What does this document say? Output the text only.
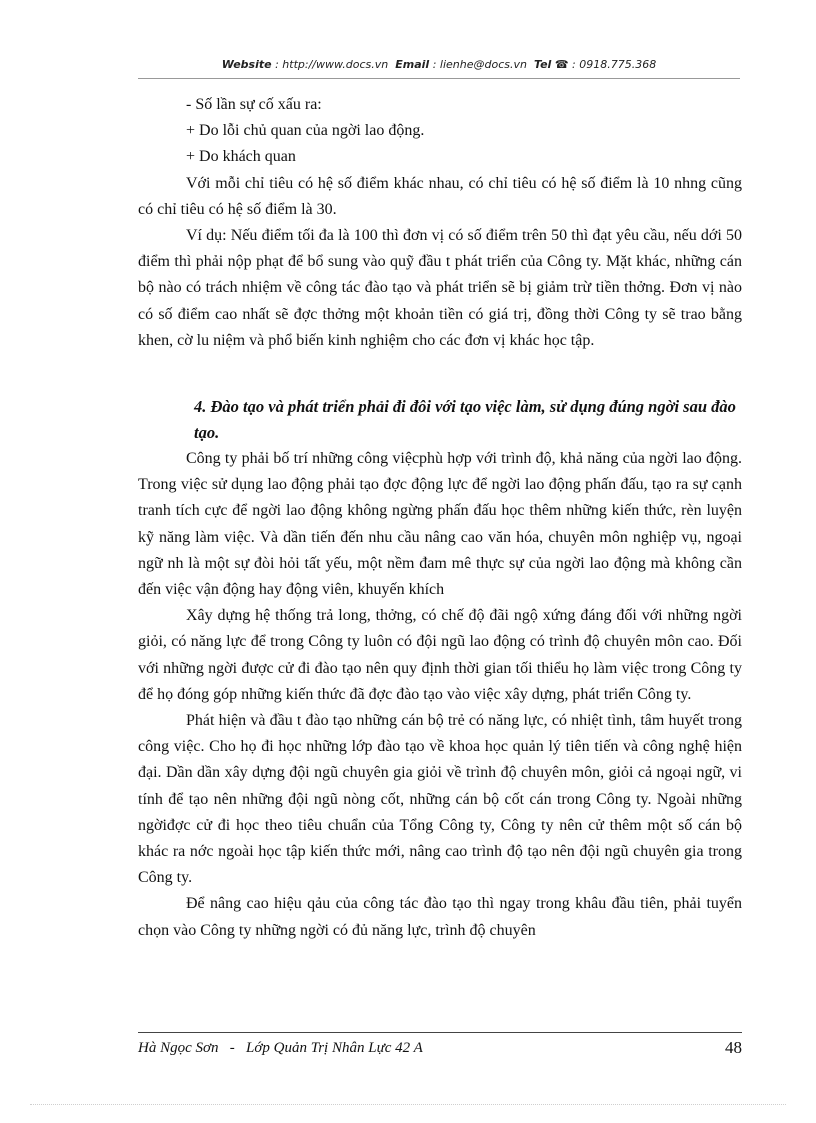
Website : http://www.docs.vn Email : lienhe@docs.vn Tel ☎ : 0918.775.368

- Số lần sự cố xấu ra:

+ Do lỗi chủ quan của ngời lao động.

+ Do khách quan

Với mỗi chỉ tiêu có hệ số điểm khác nhau, có chỉ tiêu có hệ số điểm là 10 nhng cũng có chỉ tiêu có hệ số điểm là 30.

Ví dụ: Nếu điểm tối đa là 100 thì đơn vị có số điểm trên 50 thì đạt yêu cầu, nếu dới 50 điểm thì phải nộp phạt để bổ sung vào quỹ đầu t phát triển của Công ty. Mặt khác, những cán bộ nào có trách nhiệm về công tác đào tạo và phát triển sẽ bị giảm trừ tiền thởng. Đơn vị nào có số điểm cao nhất sẽ đợc thởng một khoản tiền có giá trị, đồng thời Công ty sẽ trao bằng khen, cờ lu niệm và phổ biến kinh nghiệm cho các đơn vị khác học tập.

4. Đào tạo và phát triển phải đi đôi với tạo việc làm, sử dụng đúng ngời sau đào tạo.

Công ty phải bố trí những công việcphù hợp với trình độ, khả năng của ngời lao động. Trong việc sử dụng lao động phải tạo đợc động lực để ngời lao động phấn đấu, tạo ra sự cạnh tranh tích cực để ngời lao động không ngừng phấn đấu học thêm những kiến thức, rèn luyện kỹ năng làm việc. Và dần tiến đến nhu cầu nâng cao văn hóa, chuyên môn nghiệp vụ, ngoại ngữ nh là một sự đòi hỏi tất yếu, một nềm đam mê thực sự của ngời lao động mà không cần đến việc vận động hay động viên, khuyến khích

Xây dựng hệ thống trả long, thởng, có chế độ đãi ngộ xứng đáng đối với những ngời giỏi, có năng lực để trong Công ty luôn có đội ngũ lao động có trình độ chuyên môn cao. Đối với những ngời được cử đi đào tạo nên quy định thời gian tối thiểu họ làm việc trong Công ty để họ đóng góp những kiến thức đã đợc đào tạo vào việc xây dựng, phát triển Công ty.

Phát hiện và đầu t đào tạo những cán bộ trẻ có năng lực, có nhiệt tình, tâm huyết trong công việc. Cho họ đi học những lớp đào tạo về khoa học quản lý tiên tiến và công nghệ hiện đại. Dần dần xây dựng đội ngũ chuyên gia giỏi về trình độ chuyên môn, giỏi cả ngoại ngữ, vi tính để tạo nên những đội ngũ nòng cốt, những cán bộ cốt cán trong Công ty. Ngoài những ngờiđợc cử đi học theo tiêu chuẩn của Tổng Công ty, Công ty nên cử thêm một số cán bộ khác ra nớc ngoài học tập kiến thức mới, nâng cao trình độ tạo nên đội ngũ chuyên gia trong Công ty.

Để nâng cao hiệu qảu của công tác đào tạo thì ngay trong khâu đầu tiên, phải tuyển chọn vào Công ty những ngời có đủ năng lực, trình độ chuyên

Hà Ngọc Sơn - Lớp Quản Trị Nhân Lực 42 A	48
